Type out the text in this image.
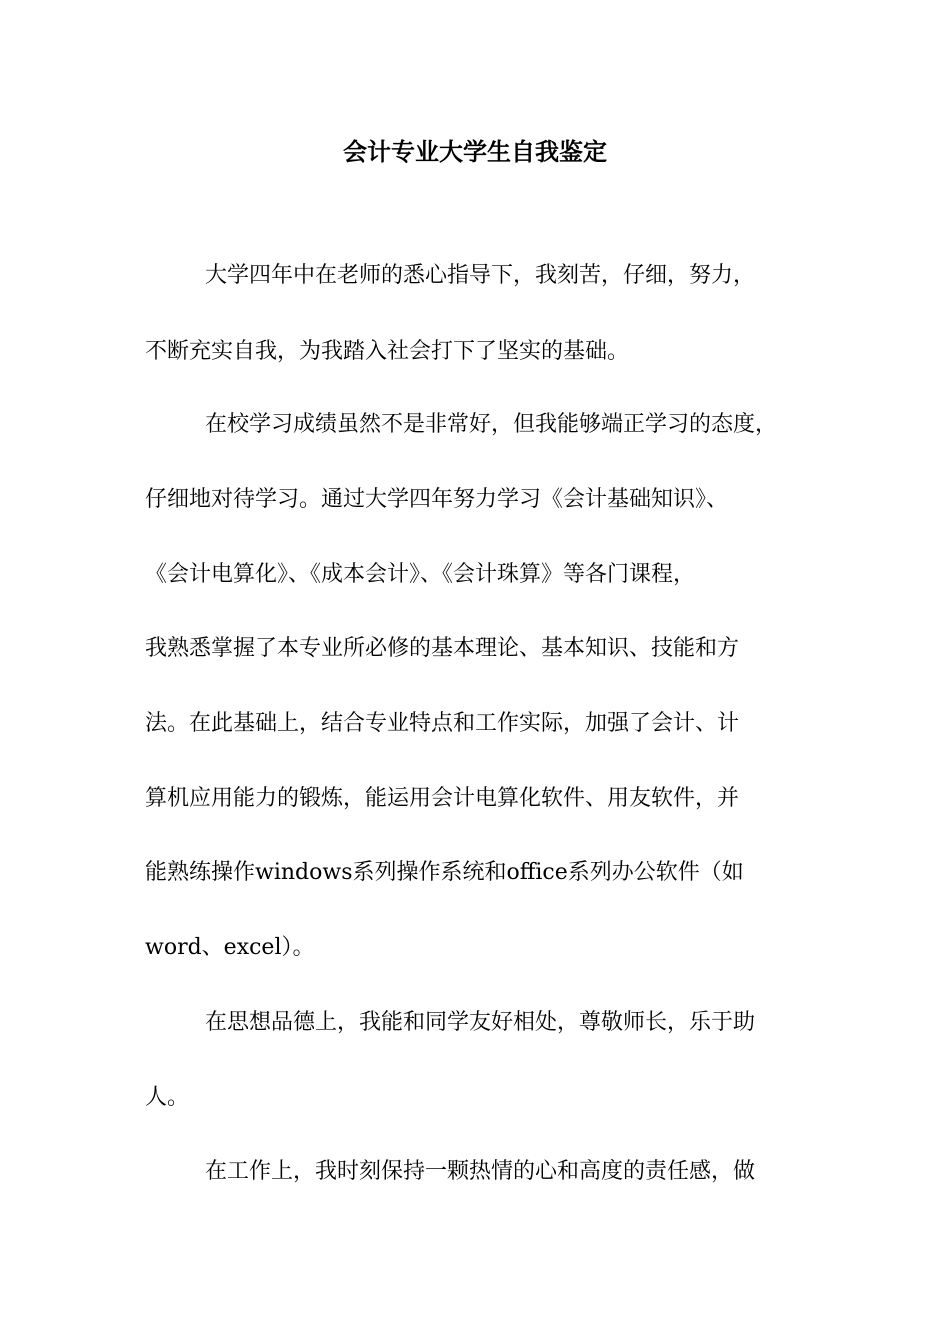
会计专业大学生自我鉴定
大学四年中在老师的悉心指导下，我刻苦，仔细，努力，
不断充实自我，为我踏入社会打下了坚实的基础。
在校学习成绩虽然不是非常好，但我能够端正学习的态度，
仔细地对待学习。通过大学四年努力学习《会计基础知识》、
《会计电算化》、《成本会计》、《会计珠算》等各门课程，
我熟悉掌握了本专业所必修的基本理论、基本知识、技能和方
法。在此基础上，结合专业特点和工作实际，加强了会计、计
算机应用能力的锻炼，能运用会计电算化软件、用友软件，并
能熟练操作windows系列操作系统和office系列办公软件（如
word、excel）。
在思想品德上，我能和同学友好相处，尊敬师长，乐于助
人。
在工作上，我时刻保持一颗热情的心和高度的责任感，做
